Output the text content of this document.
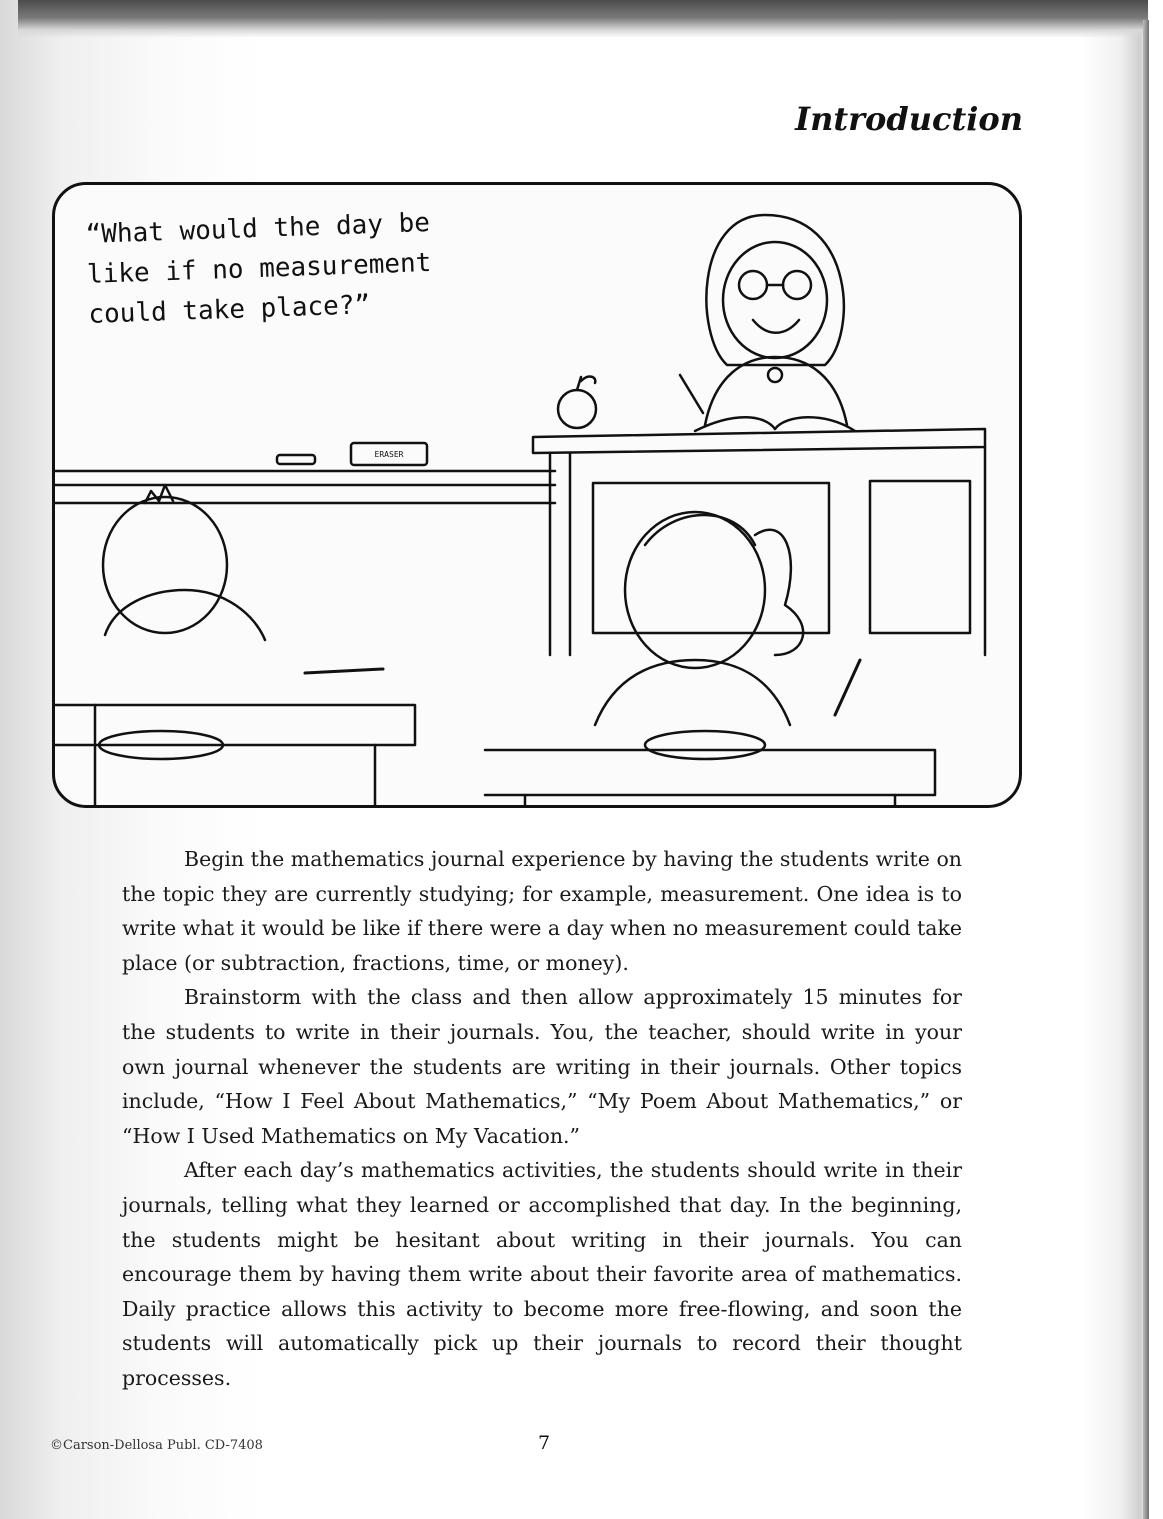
Introduction
ERASER
“What would the day be
like if no measurement
could take place?”

Begin the mathematics journal experience by having the students write on the topic they are currently studying; for example, measurement. One idea is to write what it would be like if there were a day when no measurement could take place (or subtraction, fractions, time, or money).

Brainstorm with the class and then allow approximately 15 minutes for the students to write in their journals. You, the teacher, should write in your own journal whenever the students are writing in their journals. Other topics include, “How I Feel About Mathematics,” “My Poem About Mathematics,” or “How I Used Mathematics on My Vacation.”

After each day’s mathematics activities, the students should write in their journals, telling what they learned or accomplished that day. In the beginning, the students might be hesitant about writing in their journals. You can encourage them by having them write about their favorite area of mathematics. Daily practice allows this activity to become more free-flowing, and soon the students will automatically pick up their journals to record their thought processes.

©Carson-Dellosa Publ. CD-7408	7
